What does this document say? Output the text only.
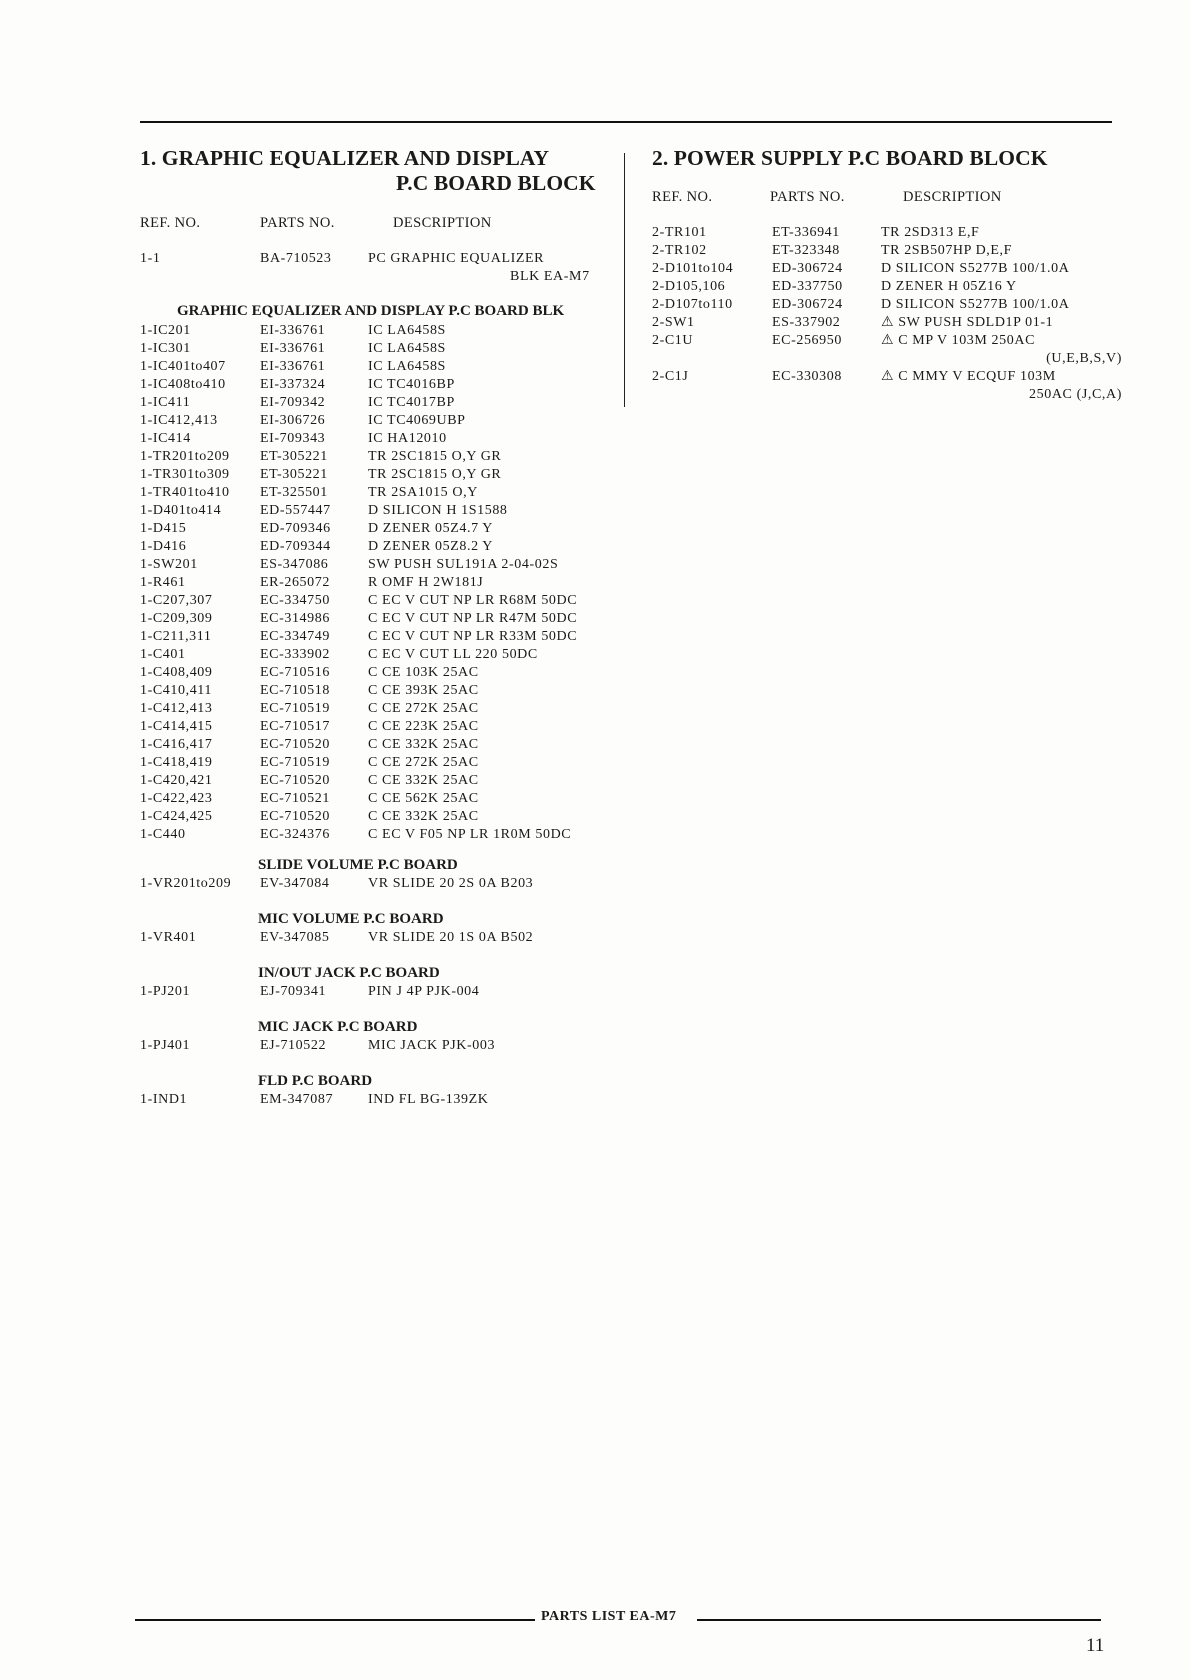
1. GRAPHIC EQUALIZER AND DISPLAY
P.C BOARD BLOCK
REF. NO.	PARTS NO.	DESCRIPTION
1-1	BA-710523	PC GRAPHIC EQUALIZER
BLK EA-M7
GRAPHIC EQUALIZER AND DISPLAY P.C BOARD BLK
1-IC201	EI-336761	IC LA6458S
1-IC301	EI-336761	IC LA6458S
1-IC401to407 EI-336761	IC LA6458S
1-IC408to410 EI-337324	IC TC4016BP
1-IC411	EI-709342	IC TC4017BP
1-IC412,413	EI-306726	IC TC4069UBP
1-IC414	EI-709343	IC HA12010
1-TR201to209 ET-305221	TR 2SC1815 O,Y GR
1-TR301to309 ET-305221	TR 2SC1815 O,Y GR
1-TR401to410 ET-325501	TR 2SA1015 O,Y
1-D401to414	ED-557447	D SILICON H 1S1588
1-D415	ED-709346	D ZENER 05Z4.7 Y
1-D416	ED-709344	D ZENER 05Z8.2 Y
1-SW201	ES-347086	SW PUSH SUL191A 2-04-02S
1-R461	ER-265072	R OMF H 2W181J
1-C207,307	EC-334750	C EC V CUT NP LR R68M 50DC
1-C209,309	EC-314986	C EC V CUT NP LR R47M 50DC
1-C211,311	EC-334749	C EC V CUT NP LR R33M 50DC
1-C401	EC-333902	C EC V CUT LL 220 50DC
1-C408,409	EC-710516	C CE 103K 25AC
1-C410,411	EC-710518	C CE 393K 25AC
1-C412,413	EC-710519	C CE 272K 25AC
1-C414,415	EC-710517	C CE 223K 25AC
1-C416,417	EC-710520	C CE 332K 25AC
1-C418,419	EC-710519	C CE 272K 25AC
1-C420,421	EC-710520	C CE 332K 25AC
1-C422,423	EC-710521	C CE 562K 25AC
1-C424,425	EC-710520	C CE 332K 25AC
1-C440	EC-324376	C EC V F05 NP LR 1R0M 50DC
SLIDE VOLUME P.C BOARD
1-VR201to209 EV-347084	VR SLIDE 20 2S 0A B203
MIC VOLUME P.C BOARD
1-VR401	EV-347085	VR SLIDE 20 1S 0A B502
IN/OUT JACK P.C BOARD
1-PJ201	EJ-709341	PIN J 4P PJK-004
MIC JACK P.C BOARD
1-PJ401	EJ-710522	MIC JACK PJK-003
FLD P.C BOARD
1-IND1	EM-347087 IND FL BG-139ZK
2. POWER SUPPLY P.C BOARD BLOCK
REF. NO.	PARTS NO.	DESCRIPTION
2-TR101	ET-336941	TR 2SD313 E,F
2-TR102	ET-323348	TR 2SB507HP D,E,F
2-D101to104	ED-306724	D SILICON S5277B 100/1.0A
2-D105,106	ED-337750	D ZENER H 05Z16 Y
2-D107to110	ED-306724	D SILICON S5277B 100/1.0A
2-SW1	ES-337902	⚠ SW PUSH SDLD1P 01-1
2-C1U	EC-256950	⚠ C MP V 103M 250AC
(U,E,B,S,V)
2-C1J	EC-330308	⚠ C MMY V ECQUF 103M
250AC (J,C,A)
PARTS LIST EA-M7
11
